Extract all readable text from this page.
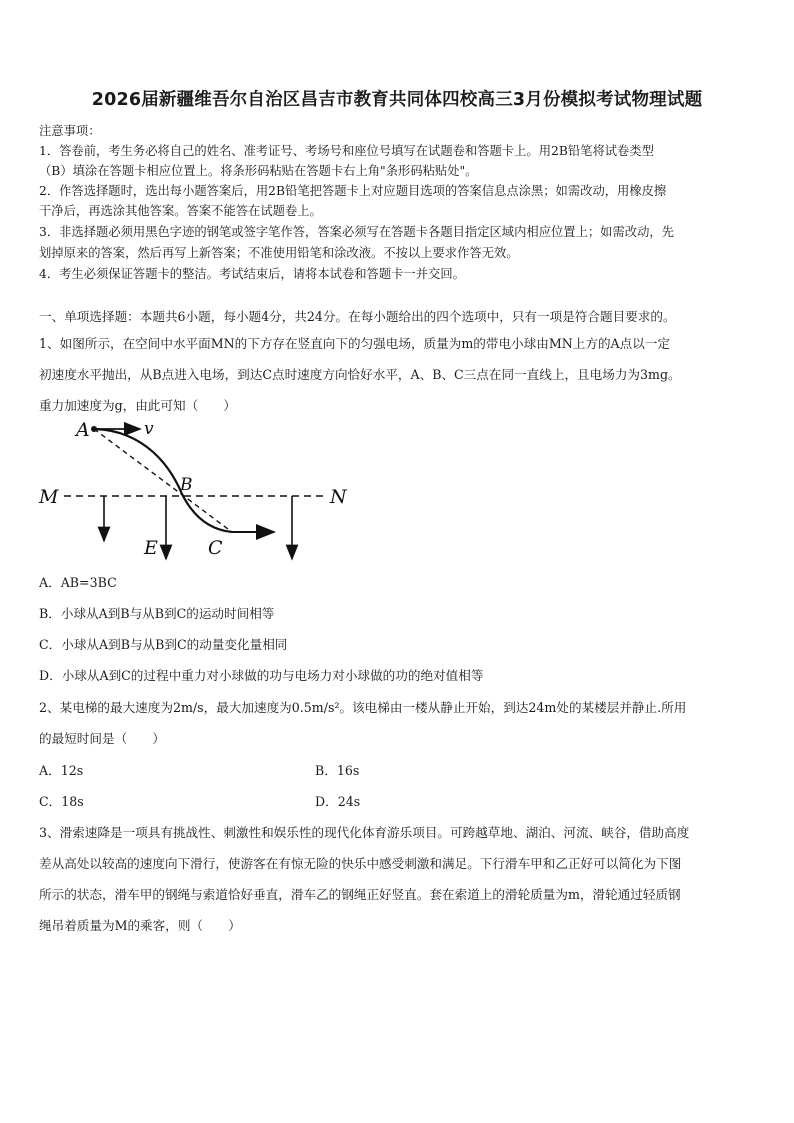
2026届新疆维吾尔自治区昌吉市教育共同体四校高三3月份模拟考试物理试题
注意事项：
1．答卷前，考生务必将自己的姓名、准考证号、考场号和座位号填写在试题卷和答题卡上。用2B铅笔将试卷类型
（B）填涂在答题卡相应位置上。将条形码粘贴在答题卡右上角"条形码粘贴处"。
2．作答选择题时，选出每小题答案后，用2B铅笔把答题卡上对应题目选项的答案信息点涂黑；如需改动，用橡皮擦
干净后，再选涂其他答案。答案不能答在试题卷上。
3．非选择题必须用黑色字迹的钢笔或签字笔作答，答案必须写在答题卡各题目指定区域内相应位置上；如需改动，先
划掉原来的答案，然后再写上新答案；不准使用铅笔和涂改液。不按以上要求作答无效。
4．考生必须保证答题卡的整洁。考试结束后，请将本试卷和答题卡一并交回。
一、单项选择题：本题共6小题，每小题4分，共24分。在每小题给出的四个选项中，只有一项是符合题目要求的。
1、如图所示，在空间中水平面MN的下方存在竖直向下的匀强电场，质量为m的带电小球由MN上方的A点以一定
初速度水平抛出，从B点进入电场，到达C点时速度方向恰好水平，A、B、C三点在同一直线上，且电场力为3mg。
重力加速度为g，由此可知（　　）
A	v
M
B
N
E	C
A．AB=3BC
B．小球从A到B与从B到C的运动时间相等
C．小球从A到B与从B到C的动量变化量相同
D．小球从A到C的过程中重力对小球做的功与电场力对小球做的功的绝对值相等
2、某电梯的最大速度为2m/s，最大加速度为0.5m/s²。该电梯由一楼从静止开始，到达24m处的某楼层并静止.所用
的最短时间是（　　）
A．12s	B．16s
C．18s	D．24s
3、滑索速降是一项具有挑战性、刺激性和娱乐性的现代化体育游乐项目。可跨越草地、湖泊、河流、峡谷，借助高度
差从高处以较高的速度向下滑行，使游客在有惊无险的快乐中感受刺激和满足。下行滑车甲和乙正好可以简化为下图
所示的状态，滑车甲的钢绳与索道恰好垂直，滑车乙的钢绳正好竖直。套在索道上的滑轮质量为m，滑轮通过轻质钢
绳吊着质量为M的乘客，则（　　）
